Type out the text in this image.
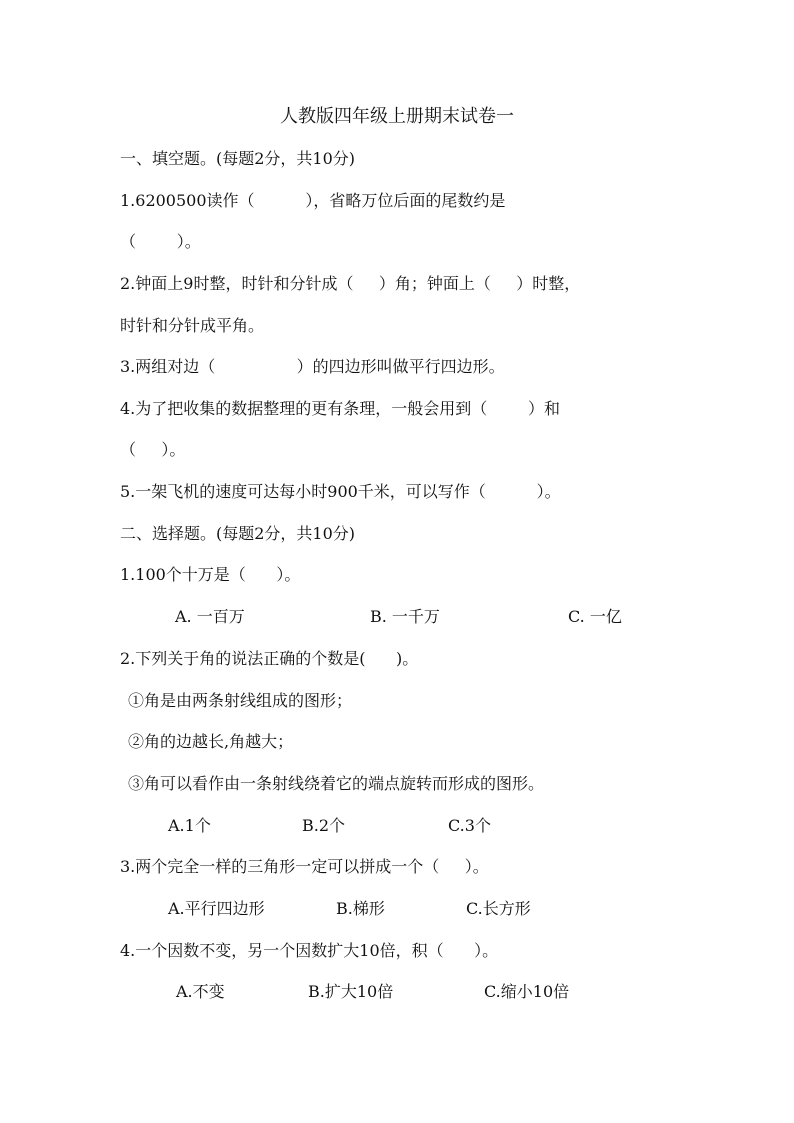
人教版四年级上册期末试卷一
一、填空题。(每题2分，共10分)
1.6200500读作（          ），省略万位后面的尾数约是
（        ）。
2.钟面上9时整，时针和分针成（     ）角；钟面上（     ）时整，
时针和分针成平角。
3.两组对边（                ）的四边形叫做平行四边形。
4.为了把收集的数据整理的更有条理，一般会用到（        ）和
（     ）。
5.一架飞机的速度可达每小时900千米，可以写作（          ）。
二、选择题。(每题2分，共10分)
1.100个十万是（      ）。
A. 一百万	B. 一千万	C. 一亿
2.下列关于角的说法正确的个数是(      )。
①角是由两条射线组成的图形；
②角的边越长,角越大；
③角可以看作由一条射线绕着它的端点旋转而形成的图形。
A.1个	B.2个	C.3个
3.两个完全一样的三角形一定可以拼成一个（     ）。
A.平行四边形	B.梯形	C.长方形
4.一个因数不变，另一个因数扩大10倍，积（      ）。
A.不变	B.扩大10倍	C.缩小10倍
